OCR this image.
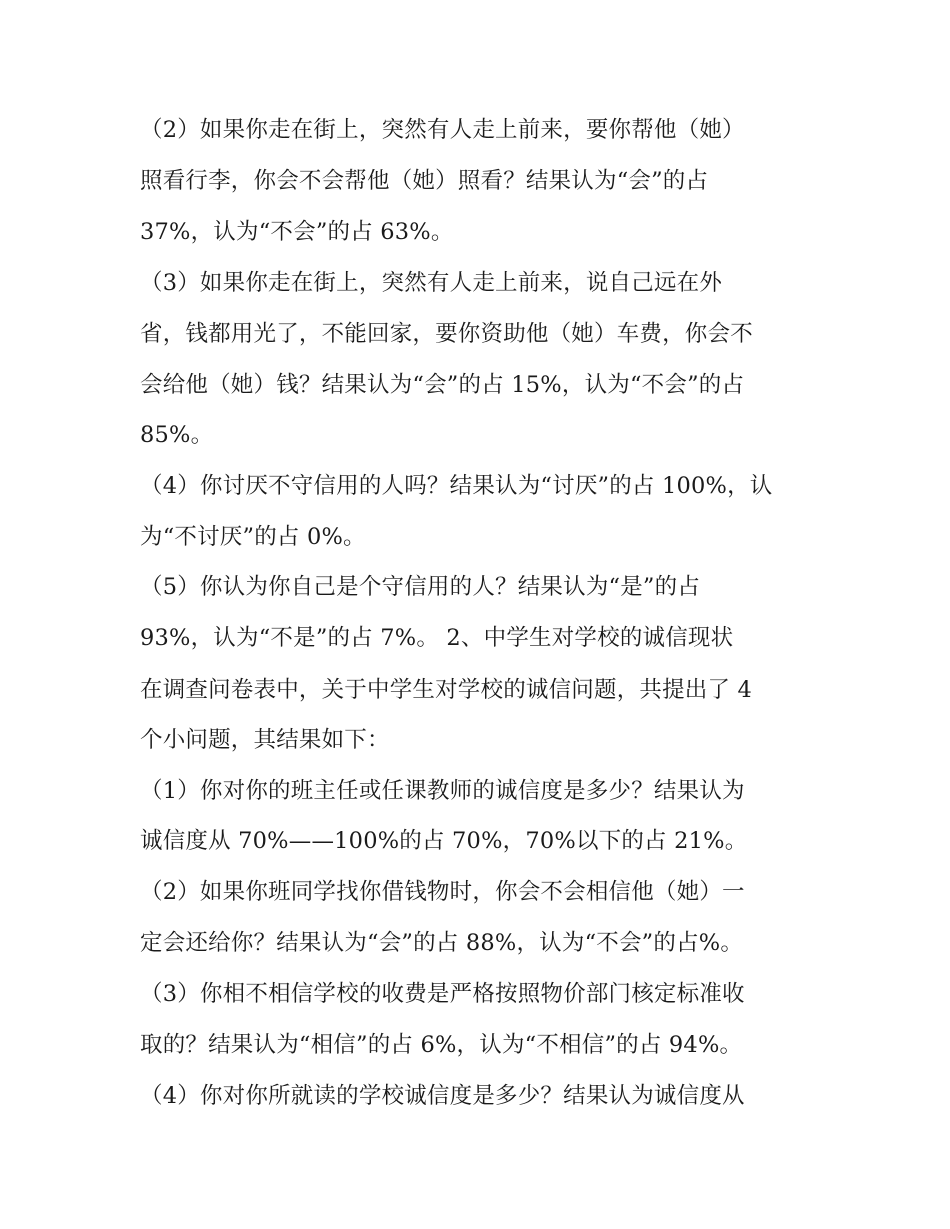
（2）如果你走在街上，突然有人走上前来，要你帮他（她）
照看行李，你会不会帮他（她）照看？结果认为“会”的占
37%，认为“不会”的占 63%。
（3）如果你走在街上，突然有人走上前来，说自己远在外
省，钱都用光了，不能回家，要你资助他（她）车费，你会不
会给他（她）钱？结果认为“会”的占 15%，认为“不会”的占
85%。
（4）你讨厌不守信用的人吗？结果认为“讨厌”的占 100%，认
为“不讨厌”的占 0%。
（5）你认为你自己是个守信用的人？结果认为“是”的占
93%，认为“不是”的占 7%。 2、中学生对学校的诚信现状
在调查问卷表中，关于中学生对学校的诚信问题，共提出了 4
个小问题，其结果如下：
（1）你对你的班主任或任课教师的诚信度是多少？结果认为
诚信度从 70%——100%的占 70%，70%以下的占 21%。
（2）如果你班同学找你借钱物时，你会不会相信他（她）一
定会还给你？结果认为“会”的占 88%，认为“不会”的占%。
（3）你相不相信学校的收费是严格按照物价部门核定标准收
取的？结果认为“相信”的占 6%，认为“不相信”的占 94%。
（4）你对你所就读的学校诚信度是多少？结果认为诚信度从
